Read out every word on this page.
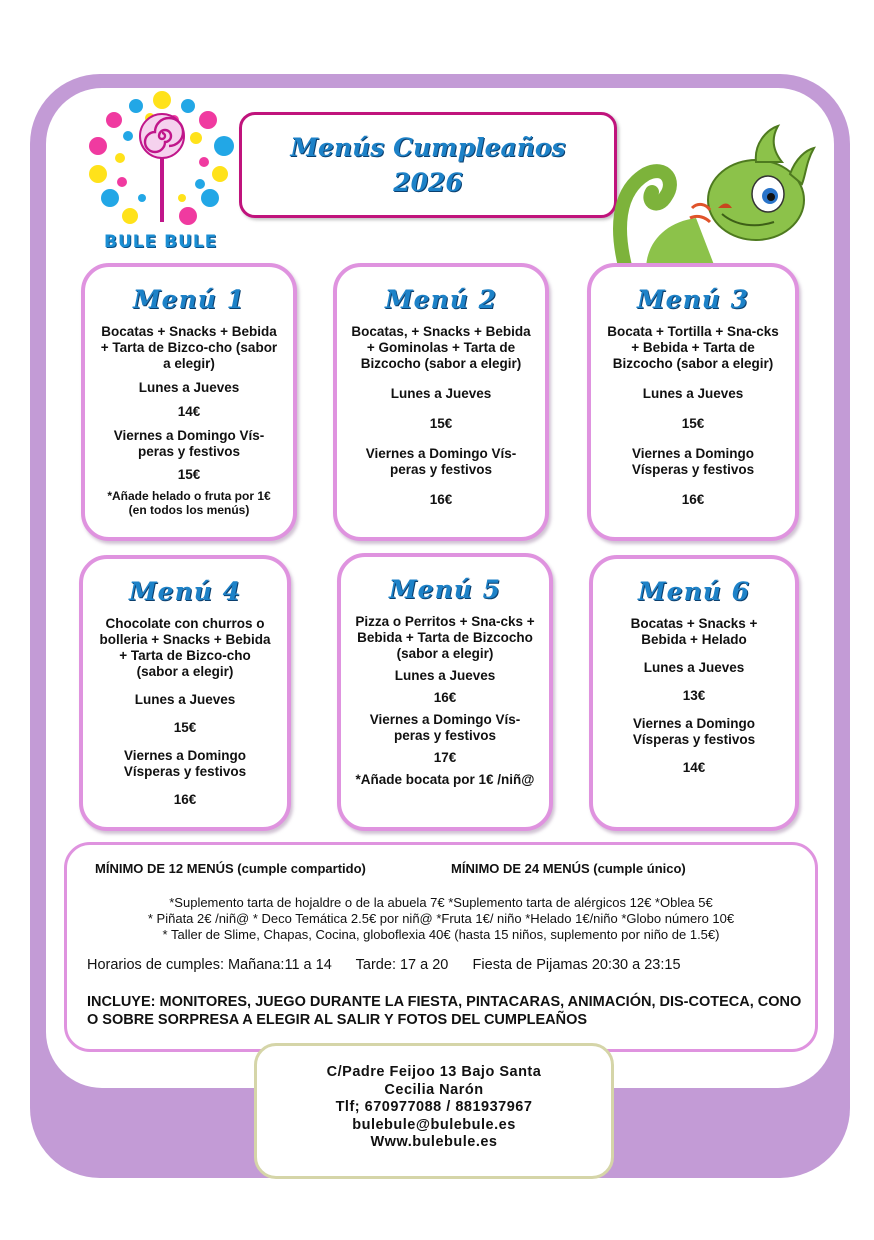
BULE BULE
Menús Cumpleaños
2026
Menú 1

Bocatas + Snacks + Bebida + Tarta de Bizco-cho (sabor a elegir)

Lunes a Jueves

14€

Viernes a Domingo Vís-peras y festivos

15€

*Añade helado o fruta por 1€ (en todos los menús)

Menú 2

Bocatas, + Snacks + Bebida + Gominolas + Tarta de Bizcocho (sabor a elegir)

Lunes a Jueves

15€

Viernes a Domingo Vís-peras y festivos

16€

Menú 3

Bocata + Tortilla + Sna-cks + Bebida + Tarta de Bizcocho (sabor a elegir)

Lunes a Jueves

15€

Viernes a Domingo Vísperas y festivos

16€

Menú 4

Chocolate con churros o bolleria + Snacks + Bebida + Tarta de Bizco-cho (sabor a elegir)

Lunes a Jueves

15€

Viernes a Domingo Vísperas y festivos

16€

Menú 5

Pizza o Perritos + Sna-cks + Bebida + Tarta de Bizcocho (sabor a elegir)

Lunes a Jueves

16€

Viernes a Domingo Vís-peras y festivos

17€

*Añade bocata por 1€ /niñ@

Menú 6

Bocatas + Snacks + Bebida + Helado

Lunes a Jueves

13€

Viernes a Domingo Vísperas y festivos

14€

MÍNIMO DE 12 MENÚS (cumple compartido)	MÍNIMO DE 24 MENÚS (cumple único)
*Suplemento tarta de hojaldre o de la abuela 7€ *Suplemento tarta de alérgicos 12€ *Oblea 5€
* Piñata 2€ /niñ@ * Deco Temática 2.5€ por niñ@ *Fruta 1€/ niño *Helado 1€/niño *Globo número 10€
* Taller de Slime, Chapas, Cocina, globoflexia 40€ (hasta 15 niños, suplemento por niño de 1.5€)
Horarios de cumples: Mañana:11 a 14      Tarde: 17 a 20      Fiesta de Pijamas 20:30 a 23:15
INCLUYE: MONITORES, JUEGO DURANTE LA FIESTA, PINTACARAS, ANIMACIÓN, DIS-COTECA, CONO O SOBRE SORPRESA A ELEGIR AL SALIR Y FOTOS DEL CUMPLEAÑOS

C/Padre Feijoo 13 Bajo Santa

Cecilia Narón

Tlf; 670977088 / 881937967

bulebule@bulebule.es

Www.bulebule.es
